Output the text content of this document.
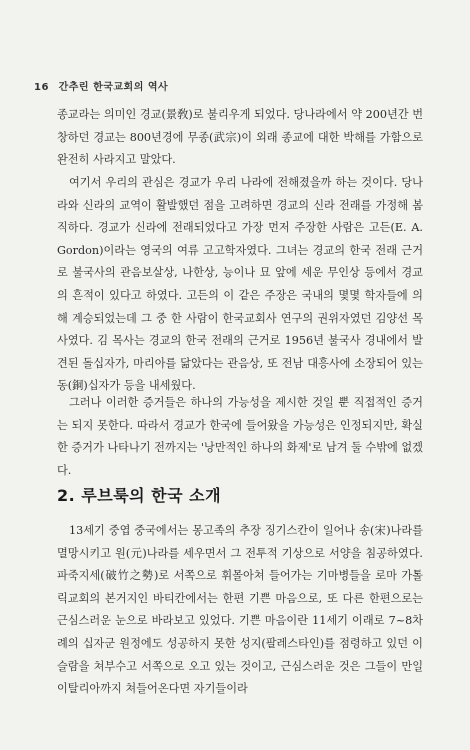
16 간추린 한국교회의 역사

종교라는 의미인 경교(景敎)로 불리우게 되었다. 당나라에서 약 200년간 번창하던 경교는 800년경에 무종(武宗)이 외래 종교에 대한 박해를 가함으로 완전히 사라지고 말았다.

여기서 우리의 관심은 경교가 우리 나라에 전해졌을까 하는 것이다. 당나라와 신라의 교역이 활발했던 점을 고려하면 경교의 신라 전래를 가정해 봄직하다. 경교가 신라에 전래되었다고 가장 먼저 주장한 사람은 고든(E. A. Gordon)이라는 영국의 여류 고고학자였다. 그녀는 경교의 한국 전래 근거로 불국사의 관음보살상, 나한상, 능이나 묘 앞에 세운 무인상 등에서 경교의 흔적이 있다고 하였다. 고든의 이 같은 주장은 국내의 몇몇 학자들에 의해 계승되었는데 그 중 한 사람이 한국교회사 연구의 권위자였던 김양선 목사였다. 김 목사는 경교의 한국 전래의 근거로 1956년 불국사 경내에서 발견된 돌십자가, 마리아를 닮았다는 관음상, 또 전남 대흥사에 소장되어 있는 동(銅)십자가 등을 내세웠다.

그러나 이러한 증거들은 하나의 가능성을 제시한 것일 뿐 직접적인 증거는 되지 못한다. 따라서 경교가 한국에 들어왔을 가능성은 인정되지만, 확실한 증거가 나타나기 전까지는 '낭만적인 하나의 화제'로 남겨 둘 수밖에 없겠다.

2. 루브룩의 한국 소개

13세기 중엽 중국에서는 몽고족의 추장 징기스칸이 일어나 송(宋)나라를 멸망시키고 원(元)나라를 세우면서 그 전투적 기상으로 서양을 침공하였다. 파죽지세(破竹之勢)로 서쪽으로 휘몰아쳐 들어가는 기마병들을 로마 가톨릭교회의 본거지인 바티칸에서는 한편 기쁜 마음으로, 또 다른 한편으로는 근심스러운 눈으로 바라보고 있었다. 기쁜 마음이란 11세기 이래로 7~8차례의 십자군 원정에도 성공하지 못한 성지(팔레스타인)를 점령하고 있던 이슬람을 쳐부수고 서쪽으로 오고 있는 것이고, 근심스러운 것은 그들이 만일 이탈리아까지 쳐들어온다면 자기들이라
